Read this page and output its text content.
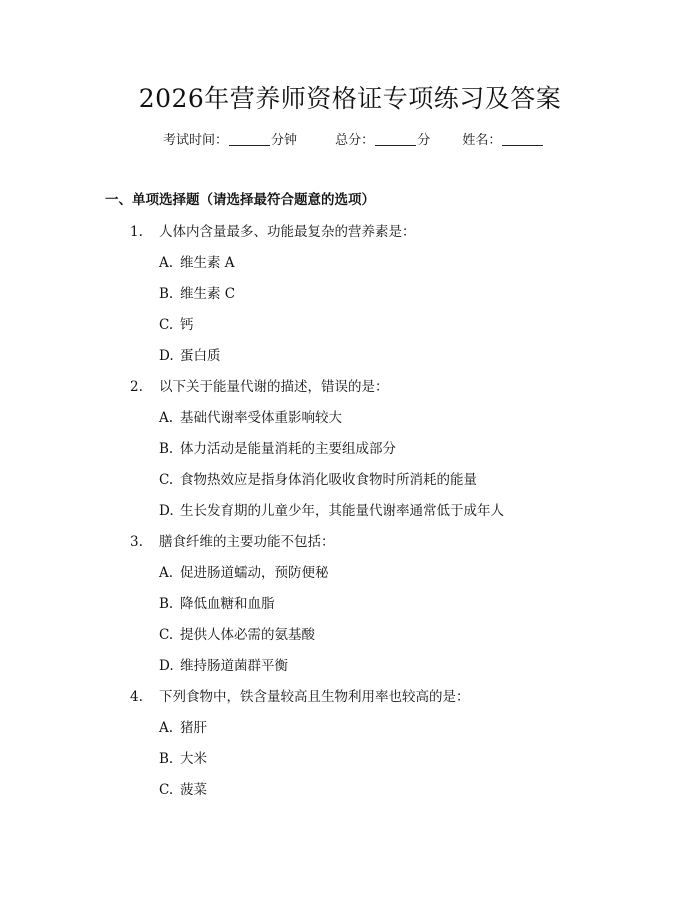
2026年营养师资格证专项练习及答案
考试时间：	分钟	总分：	分 姓名：
一、单项选择题（请选择最符合题意的选项）
1. 人体内含量最多、功能最复杂的营养素是：
A. 维生素 A
B. 维生素 C
C. 钙
D. 蛋白质
2. 以下关于能量代谢的描述，错误的是：
A. 基础代谢率受体重影响较大
B. 体力活动是能量消耗的主要组成部分
C. 食物热效应是指身体消化吸收食物时所消耗的能量
D. 生长发育期的儿童少年，其能量代谢率通常低于成年人
3. 膳食纤维的主要功能不包括：
A. 促进肠道蠕动，预防便秘
B. 降低血糖和血脂
C. 提供人体必需的氨基酸
D. 维持肠道菌群平衡
4. 下列食物中，铁含量较高且生物利用率也较高的是：
A. 猪肝
B. 大米
C. 菠菜
